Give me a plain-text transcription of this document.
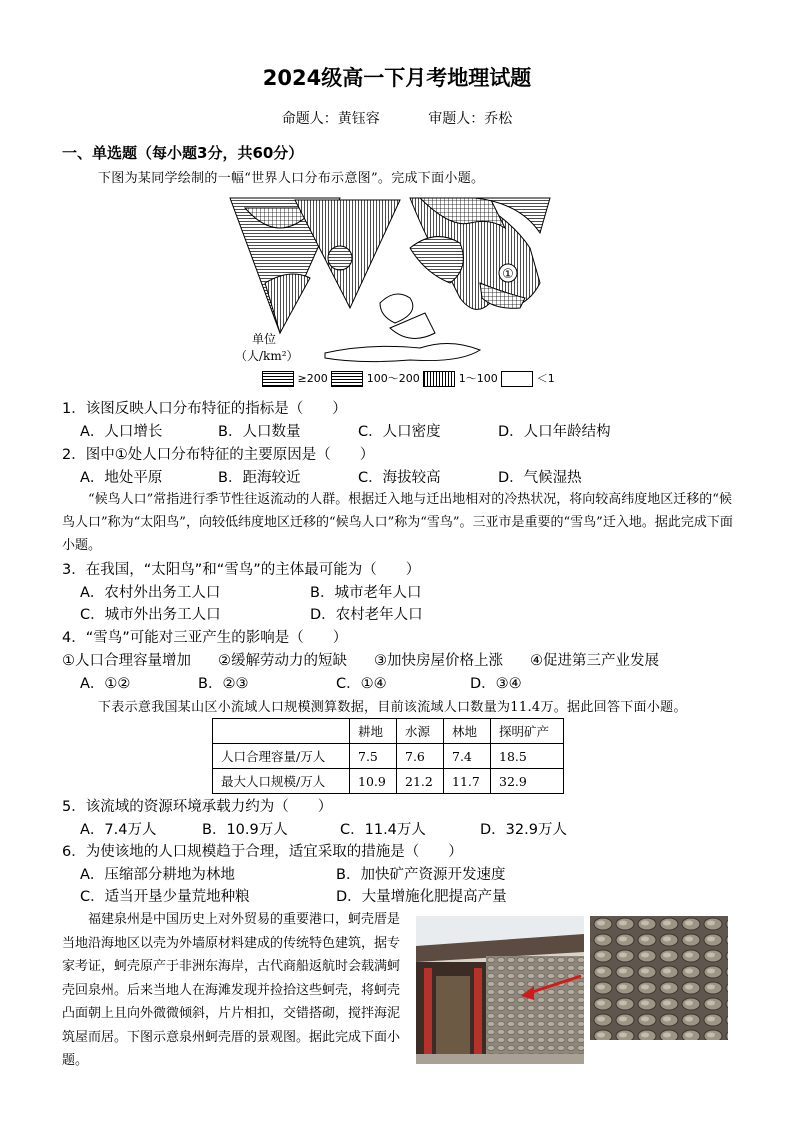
2024级高一下月考地理试题
命题人：黄钰容	审题人：乔松
一、单选题（每小题3分，共60分）
下图为某同学绘制的一幅“世界人口分布示意图”。完成下面小题。
①
单位
（人/km²）
≥200	100～200	1～100	＜1
1．该图反映人口分布特征的指标是（　　）
A．人口增长	B．人口数量	C．人口密度	D．人口年龄结构
2．图中①处人口分布特征的主要原因是（　　）
A．地处平原	B．距海较近	C．海拔较高	D．气候湿热
“候鸟人口”常指进行季节性往返流动的人群。根据迁入地与迁出地相对的冷热状况，将向较高纬度地区迁移的“候鸟人口”称为“太阳鸟”，向较低纬度地区迁移的“候鸟人口”称为“雪鸟”。三亚市是重要的“雪鸟”迁入地。据此完成下面小题。
3．在我国，“太阳鸟”和“雪鸟”的主体最可能为（　　）
A．农村外出务工人口	B．城市老年人口
C．城市外出务工人口	D．农村老年人口
4．“雪鸟”可能对三亚产生的影响是（　　）
①人口合理容量增加 ②缓解劳动力的短缺 ③加快房屋价格上涨 ④促进第三产业发展
A．①②	B．②③	C．①④	D．③④
下表示意我国某山区小流域人口规模测算数据，目前该流域人口数量为11.4万。据此回答下面小题。
	耕地	水源	林地	探明矿产
人口合理容量/万人	7.5	7.6	7.4	18.5
最大人口规模/万人	10.9	21.2	11.7	32.9
5．该流域的资源环境承载力约为（　　）
A．7.4万人	B．10.9万人	C．11.4万人	D．32.9万人
6．为使该地的人口规模趋于合理，适宜采取的措施是（　　）
A．压缩部分耕地为林地	B．加快矿产资源开发速度
C．适当开垦少量荒地种粮	D．大量增施化肥提高产量
福建泉州是中国历史上对外贸易的重要港口，蚵壳厝是当地沿海地区以壳为外墙原材料建成的传统特色建筑，据专家考证，蚵壳原产于非洲东海岸，古代商船返航时会载满蚵壳回泉州。后来当地人在海滩发现并捡拾这些蚵壳，将蚵壳凸面朝上且向外微微倾斜，片片相扣，交错搭砌，搅拌海泥筑屋而居。下图示意泉州蚵壳厝的景观图。据此完成下面小题。
